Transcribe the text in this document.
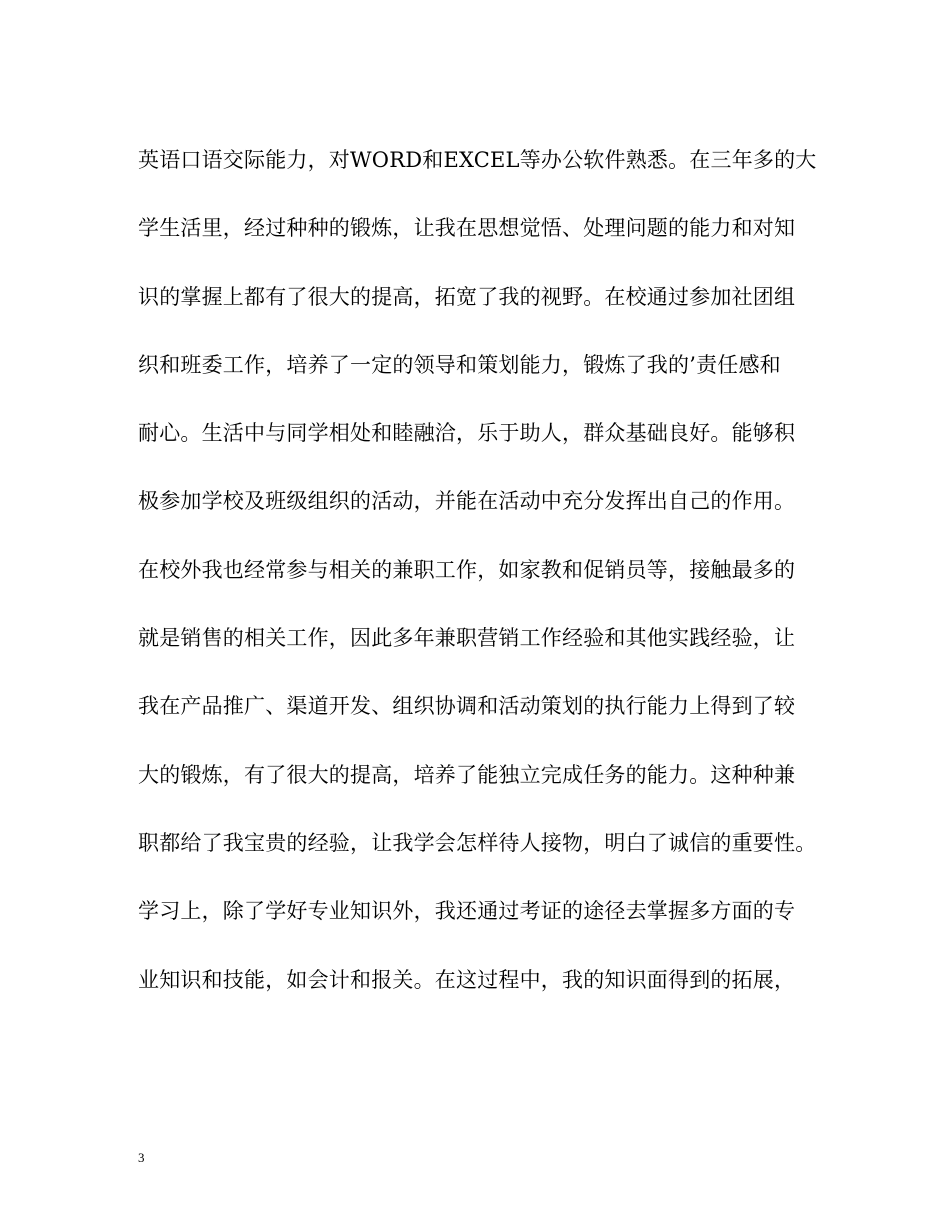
英语口语交际能力，对WORD和EXCEL等办公软件熟悉。在三年多的大
学生活里，经过种种的锻炼，让我在思想觉悟、处理问题的能力和对知
识的掌握上都有了很大的提高，拓宽了我的视野。在校通过参加社团组
织和班委工作，培养了一定的领导和策划能力，锻炼了我的’责任感和
耐心。生活中与同学相处和睦融洽，乐于助人，群众基础良好。能够积
极参加学校及班级组织的活动，并能在活动中充分发挥出自己的作用。
在校外我也经常参与相关的兼职工作，如家教和促销员等，接触最多的
就是销售的相关工作，因此多年兼职营销工作经验和其他实践经验，让
我在产品推广、渠道开发、组织协调和活动策划的执行能力上得到了较
大的锻炼，有了很大的提高，培养了能独立完成任务的能力。这种种兼
职都给了我宝贵的经验，让我学会怎样待人接物，明白了诚信的重要性。
学习上，除了学好专业知识外，我还通过考证的途径去掌握多方面的专
业知识和技能，如会计和报关。在这过程中，我的知识面得到的拓展，
3
